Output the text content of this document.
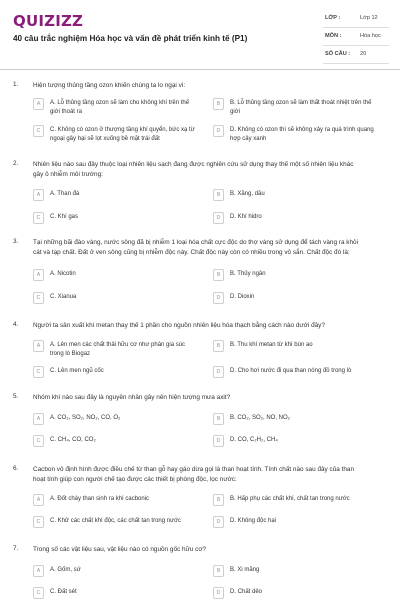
QUIZIZZ
40 câu trắc nghiệm Hóa học và vấn đề phát triển kinh tế (P1)
LỚP :	Lớp 12
MÔN :	Hóa học
SỐ CÂU : 20
1. Hiện tượng thủng tầng ozon khiến chúng ta lo ngại vì:
A	A. Lỗ thủng tầng ozon sẽ làm cho không khí trên thế giới thoát ra
B	B. Lỗ thủng tầng ozon sẽ làm thất thoát nhiệt trên thế giới
C	C. Không có ozon ở thượng tầng khí quyển, bức xạ từ ngoại gây hại sẽ lọt xuống bề mặt trái đất
D	D. Không có ozon thì sẽ không xảy ra quá trình quang hợp cây xanh
2. Nhiên liệu nào sau đây thuộc loại nhiên liệu sạch đang được nghiên cứu sử dụng thay thế một số nhiên liệu khác gây ô nhiễm môi trường:
A	A. Than đá	B	B. Xăng, dầu
C	C. Khí gas	D	D. Khí hidro
3. Tại những bãi đào vàng, nước sông đã bị nhiễm 1 loại hóa chất cực độc do thợ vàng sử dụng để tách vàng ra khỏi cát và tạp chất. Đất ở ven sông cũng bị nhiễm độc này. Chất độc này còn có nhiều trong vỏ sắn. Chất độc đó là:
A	A. Nicotin	B	B. Thủy ngân
C	C. Xianua	D	D. Dioxin
4. Người ta sản xuất khí metan thay thế 1 phần cho nguồn nhiên liệu hóa thạch bằng cách nào dưới đây?
A	A. Lên men các chất thải hữu cơ như phân gia súc trong lò Biogaz
B	B. Thu khí metan từ khí bùn ao
C	C. Lên men ngũ cốc	D	D. Cho hơi nước đi qua than nóng đỏ trong lò
5. Nhóm khí nào sau đây là nguyên nhân gây nên hiện tượng mưa axit?
A	A. CO₂, SO₂, NO₂, CO, O₂	B	B. CO₂, SO₂, NO, NO₂
C	C. CH₄, CO, CO₂	D	D. CO, C₂H₂, CH₄
6. Cacbon vô định hình được điều chế từ than gỗ hay gáo dừa gọi là than hoạt tính. Tính chất nào sau đây của than hoạt tính giúp con người chế tạo được các thiết bị phòng độc, lọc nước:
A	A. Đốt cháy than sinh ra khí cacbonic	B	B. Hấp phụ các chất khí, chất tan trong nước
C	C. Khử các chất khí độc, các chất tan trong nước	D	D. Không độc hại
7. Trong số các vật liệu sau, vật liệu nào có nguồn gốc hữu cơ?
A	A. Gốm, sứ	B	B. Xi măng
C	C. Đất sét	D	D. Chất dẻo
